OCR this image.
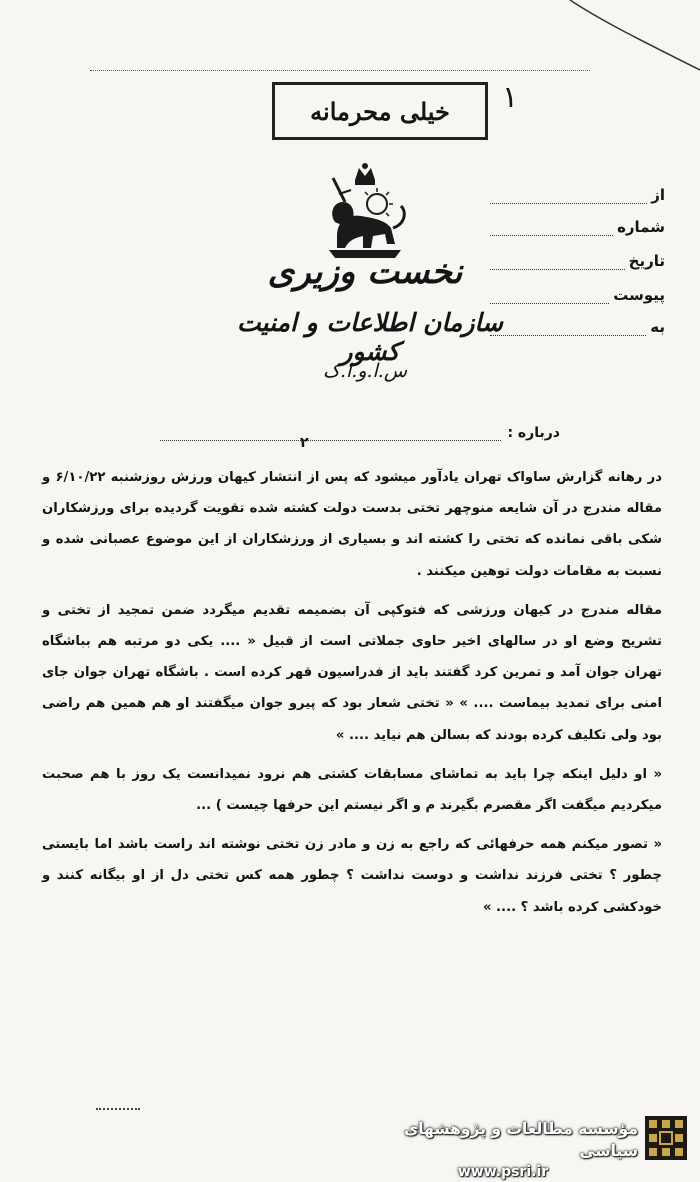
خیلی محرمانه	۱
نخست وزیری
سازمان اطلاعات و امنیت کشور
س.ا.و.ا.ک
از
شماره
تاریخ
پیوست
به
درباره :
۲

در رهانه گزارش ساواک تهران یادآور میشود که پس از انتشار کیهان ورزش روزشنبه ۶/۱۰/۲۲ و مقاله مندرج در آن شایعه منوچهر تختی بدست دولت کشته شده تقویت گردیده برای ورزشکاران شکی باقی نمانده که تختی را کشته اند و بسیاری از ورزشکاران از این موضوع عصبانی شده و نسبت به مقامات دولت توهین میکنند .

مقاله مندرج در کیهان ورزشی که فتوکپی آن بضمیمه تقدیم میگردد ضمن تمجید از تختی و تشریح وضع او در سالهای اخیر حاوی جملاتی است از قبیل « .... یکی دو مرتبه هم بباشگاه تهران جوان آمد و تمرین کرد گفتند باید از فدراسیون قهر کرده است . باشگاه تهران جوان جای امنی برای تمدید بیماست .... » « تختی شعار بود که پیرو جوان میگفتند او هم همین هم راضی بود ولی تکلیف کرده بودند که بسالن هم نیاید .... »

« او دلیل اینکه چرا باید به تماشای مسابقات کشتی هم نرود نمیدانست یک روز با هم صحبت میکردیم میگفت اگر مقصرم بگیرند م و اگر نیستم این حرفها چیست ) ...

« تصور میکنم همه حرفهائی که راجع به زن و مادر زن تختی نوشته اند راست باشد اما بایستی چطور ؟ تختی فرزند نداشت و دوست نداشت ؟ چطور همه کس تختی دل از او بیگانه کنند و خودکشی کرده باشد ؟ .... »

مؤسسه مطالعات و پژوهشهای سیاسی
www.psri.ir
